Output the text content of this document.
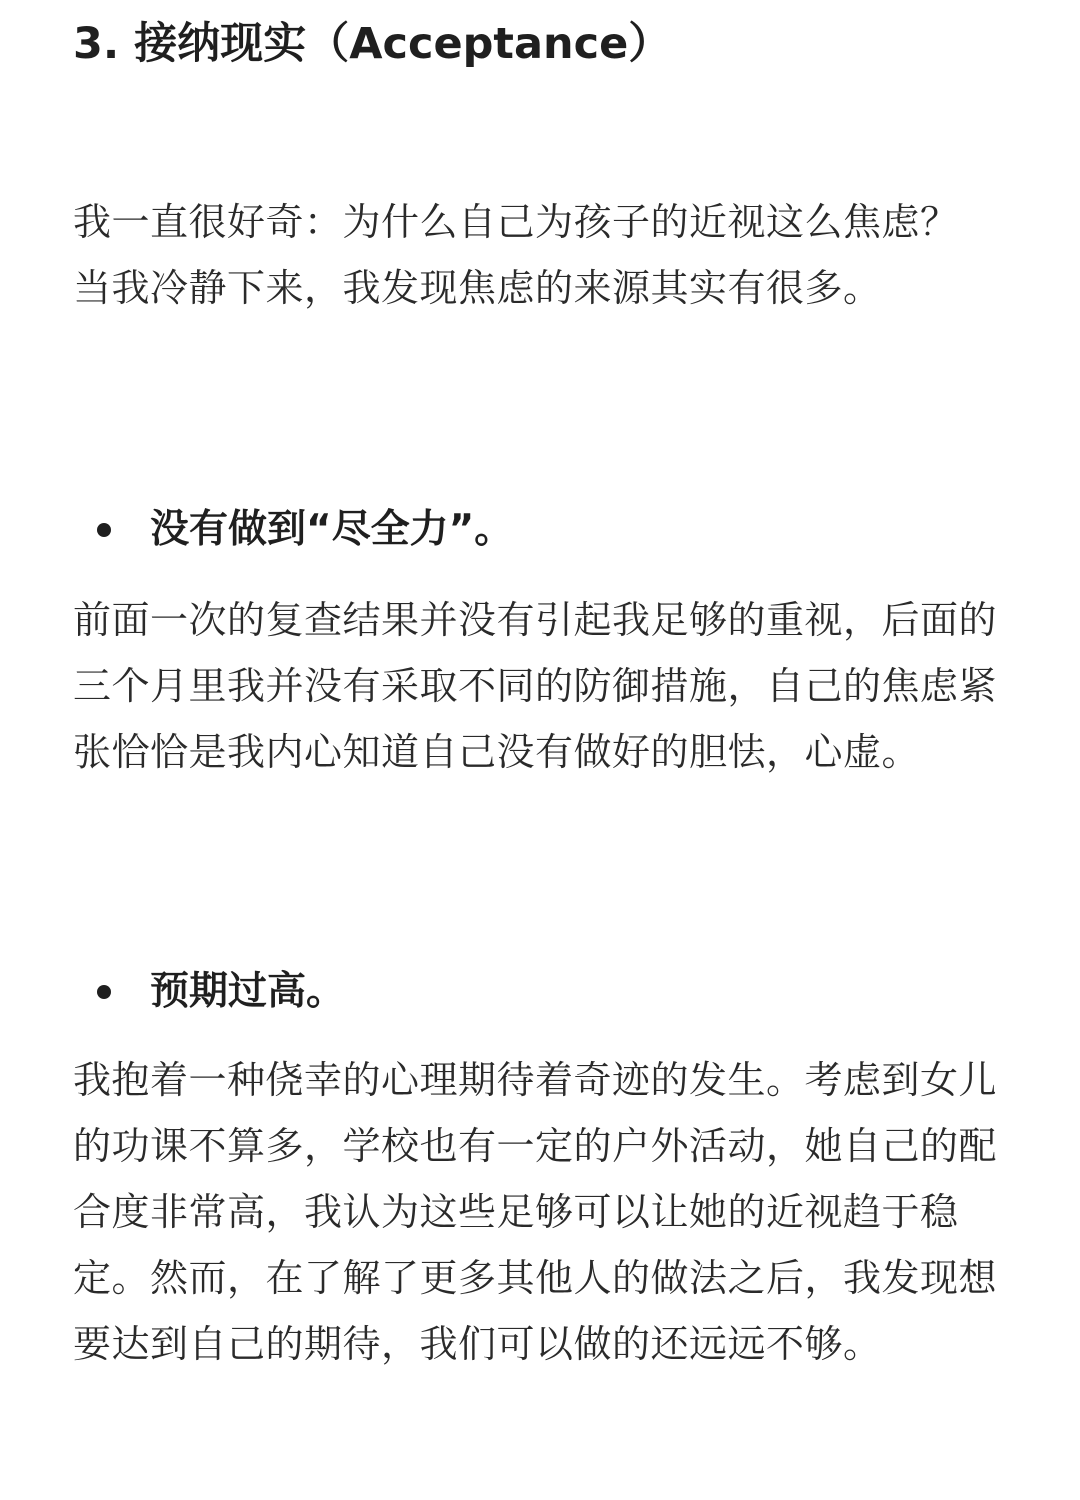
3. 接纳现实（Acceptance）

我一直很好奇：为什么自己为孩子的近视这么焦虑？当我冷静下来，我发现焦虑的来源其实有很多。

没有做到“尽全力”。

前面一次的复查结果并没有引起我足够的重视，后面的三个月里我并没有采取不同的防御措施，自己的焦虑紧张恰恰是我内心知道自己没有做好的胆怯，心虚。

预期过高。

我抱着一种侥幸的心理期待着奇迹的发生。考虑到女儿的功课不算多，学校也有一定的户外活动，她自己的配合度非常高，我认为这些足够可以让她的近视趋于稳定。然而，在了解了更多其他人的做法之后，我发现想要达到自己的期待，我们可以做的还远远不够。
